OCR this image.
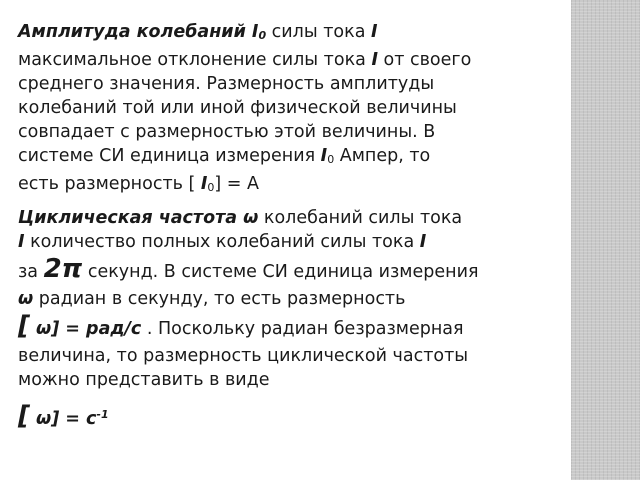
Амплитуда колебаний I0 силы тока I
максимальное отклонение силы тока I от своего
среднего значения. Размерность амплитуды
колебаний той или иной физической величины
совпадает с размерностью этой величины. В
системе СИ единица измерения I0 Ампер, то
есть размерность [ I0] = А
Циклическая частота ω колебаний силы тока
I количество полных колебаний силы тока I
за 2π секунд. В системе СИ единица измерения
ω радиан в секунду, то есть размерность
[ ω] = рад/с . Поскольку радиан безразмерная
величина, то размерность циклической частоты
можно представить в виде
[ $\omega] = с^{-1}$
